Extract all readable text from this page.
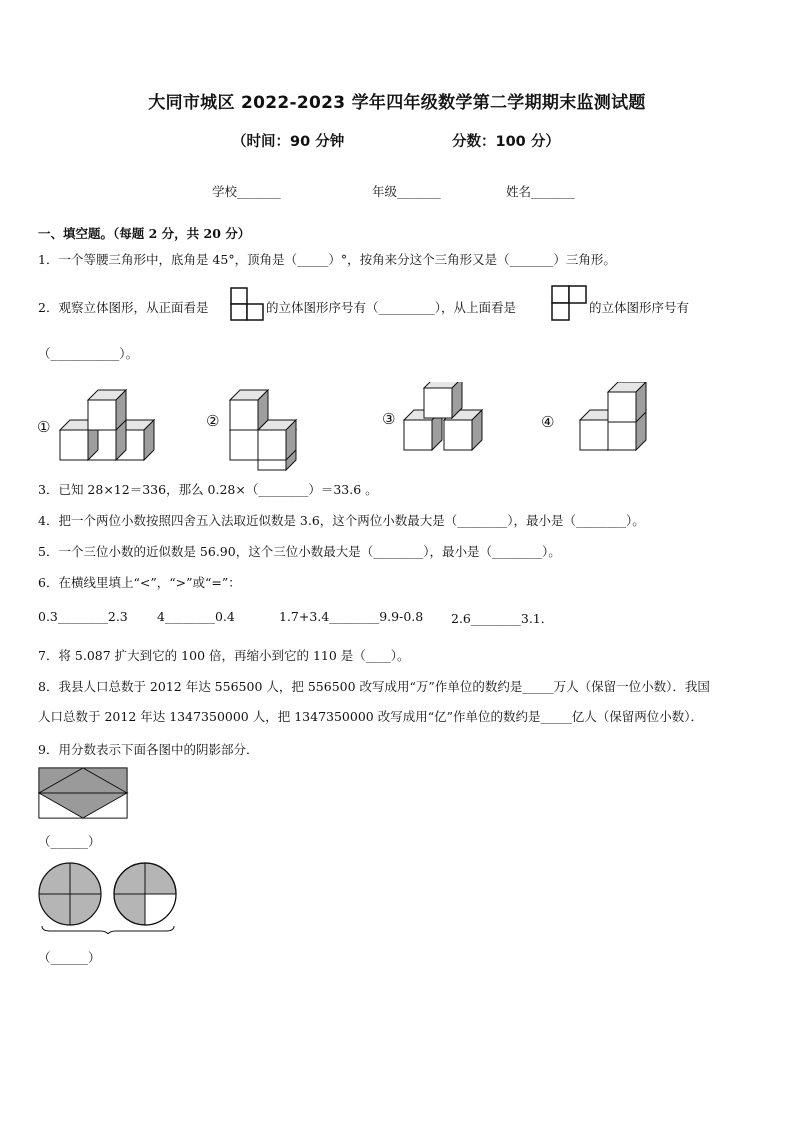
大同市城区 2022-2023 学年四年级数学第二学期期末监测试题
（时间：90 分钟	分数：100 分）
学校_______	年级_______	姓名_______
一、填空题。（每题 2 分，共 20 分）
1．一个等腰三角形中，底角是 45°，顶角是（_____）°，按角来分这个三角形又是（_______）三角形。
2．观察立体图形，从正面看是	的立体图形序号有（_________），从上面看是	的立体图形序号有
（___________）。
①	②	③	④
3．已知 28×12＝336，那么 0.28×（________）＝33.6 。
4．把一个两位小数按照四舍五入法取近似数是 3.6，这个两位小数最大是（________），最小是（________）。
5．一个三位小数的近似数是 56.90，这个三位小数最大是（________），最小是（________）。
6．在横线里填上“<”，“>”或“=”：
0.3________2.3 4________0.4	1.7+3.4________9.9-0.8 2.6________3.1．
7．将 5.087 扩大到它的 100 倍，再缩小到它的 110 是（____）。
8．我县人口总数于 2012 年达 556500 人，把 556500 改写成用“万”作单位的数约是_____万人（保留一位小数）．我国
人口总数于 2012 年达 1347350000 人，把 1347350000 改写成用“亿”作单位的数约是_____亿人（保留两位小数）．
9．用分数表示下面各图中的阴影部分．
（______）
（______）
